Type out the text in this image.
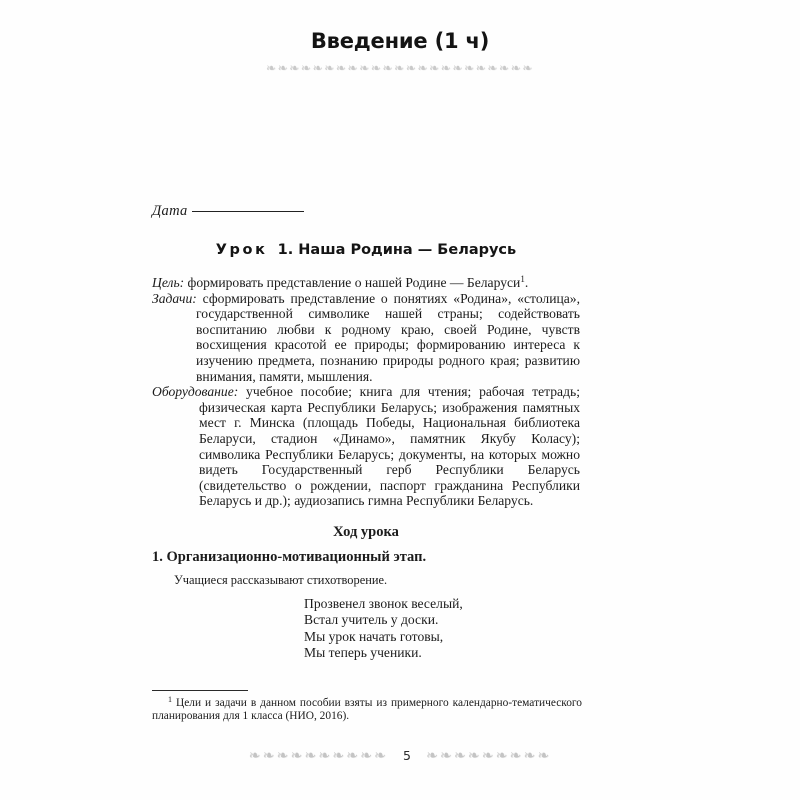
Введение (1 ч)
❧❧❧❧❧❧❧❧❧❧❧❧❧❧❧❧❧❧❧❧❧❧❧
Дата
Урок 1. Наша Родина — Беларусь

Цель: формировать представление о нашей Родине — Беларуси$^1$.

Задачи: сформировать представление о понятиях «Родина», «столица», государственной символике нашей страны; содействовать воспитанию любви к родному краю, своей Родине, чувств восхищения красотой ее природы; формированию интереса к изучению предмета, познанию природы родного края; развитию внимания, памяти, мышления.

Оборудование: учебное пособие; книга для чтения; рабочая тетрадь; физическая карта Республики Беларусь; изображения памятных мест г. Минска (площадь Победы, Национальная библиотека Беларуси, стадион «Динамо», памятник Якубу Коласу); символика Республики Беларусь; документы, на которых можно видеть Государственный герб Республики Беларусь (свидетельство о рождении, паспорт гражданина Республики Беларусь и др.); аудиозапись гимна Республики Беларусь.

Ход урока
1. Организационно-мотивационный этап.
Учащиеся рассказывают стихотворение.
Прозвенел звонок веселый,
Встал учитель у доски.
Мы урок начать готовы,
Мы теперь ученики.
$^1$ Цели и задачи в данном пособии взяты из примерного календарно-тематического планирования для 1 класса (НИО, 2016).
❧❧❧❧❧❧❧❧❧❧ 5 ❧❧❧❧❧❧❧❧❧
